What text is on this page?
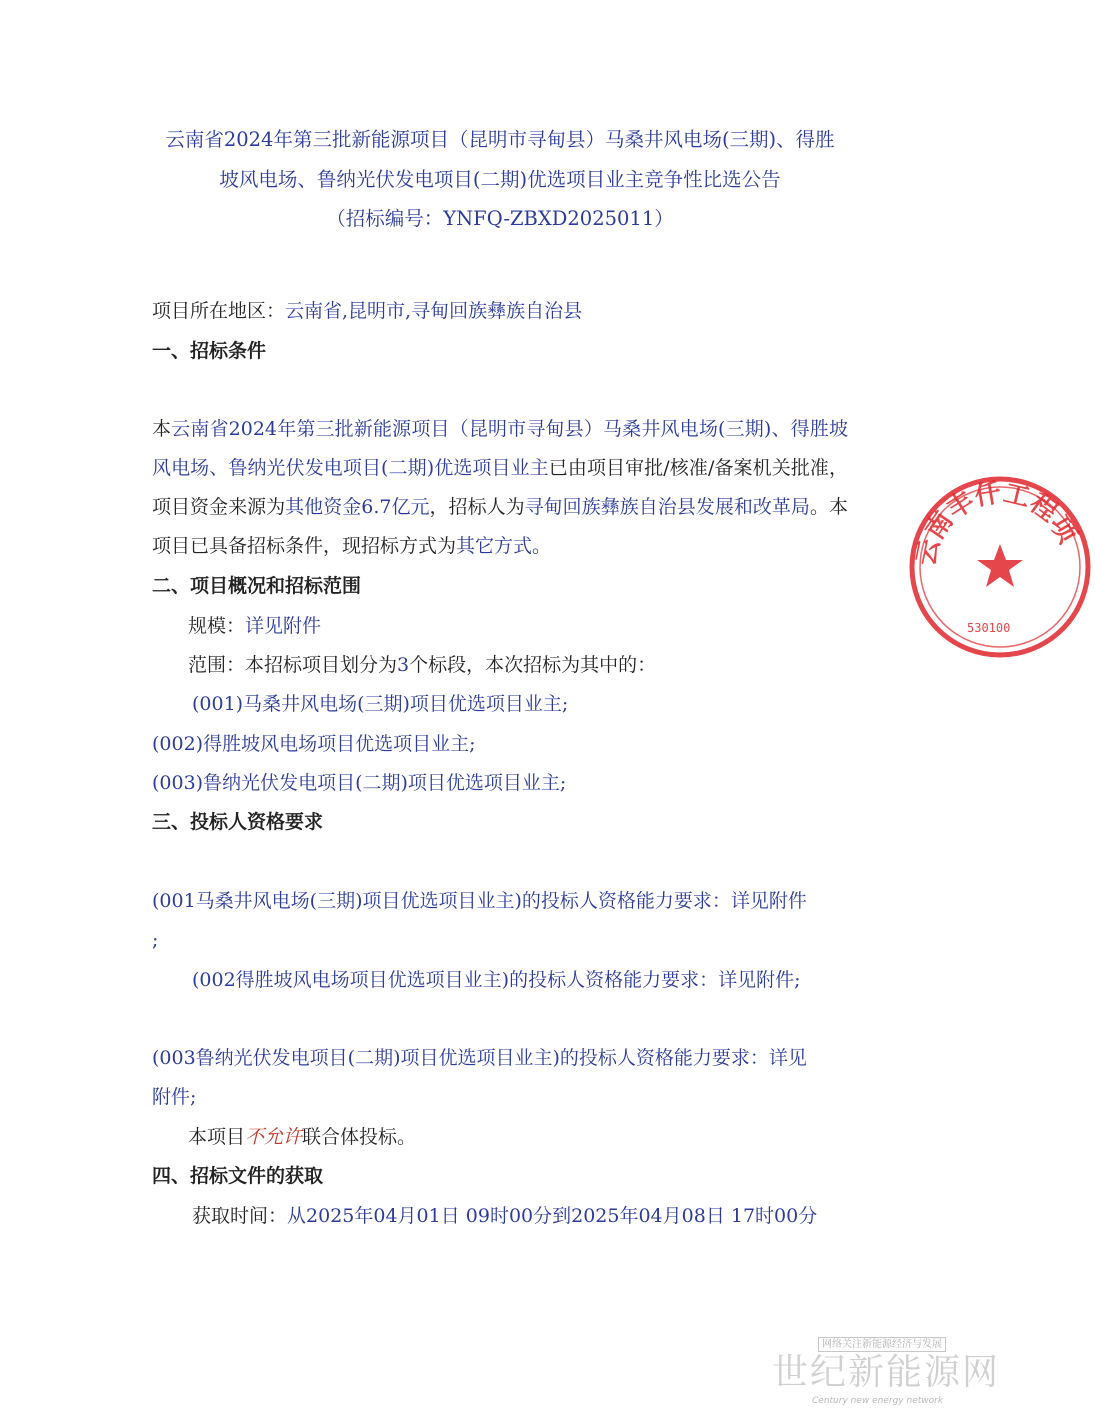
云南省2024年第三批新能源项目（昆明市寻甸县）马桑井风电场(三期)、得胜
坡风电场、鲁纳光伏发电项目(二期)优选项目业主竞争性比选公告
（招标编号：YNFQ-ZBXD2025011）
项目所在地区：云南省,昆明市,寻甸回族彝族自治县
一、招标条件
本云南省2024年第三批新能源项目（昆明市寻甸县）马桑井风电场(三期)、得胜坡风电场、鲁纳光伏发电项目(二期)优选项目业主已由项目审批/核准/备案机关批准，项目资金来源为其他资金6.7亿元，招标人为寻甸回族彝族自治县发展和改革局。本项目已具备招标条件，现招标方式为其它方式。
二、项目概况和招标范围
规模：详见附件
范围：本招标项目划分为3个标段，本次招标为其中的：
(001)马桑井风电场(三期)项目优选项目业主;
(002)得胜坡风电场项目优选项目业主;
(003)鲁纳光伏发电项目(二期)项目优选项目业主;
三、投标人资格要求
(001马桑井风电场(三期)项目优选项目业主)的投标人资格能力要求：详见附件
;
(002得胜坡风电场项目优选项目业主)的投标人资格能力要求：详见附件;
(003鲁纳光伏发电项目(二期)项目优选项目业主)的投标人资格能力要求：详见
附件;
本项目不允许联合体投标。
四、招标文件的获取
获取时间：从2025年04月01日 09时00分到2025年04月08日 17时00分
云南丰仟工程项
530100
网络关注新能源经济与发展
世纪新能源网
Century new energy network
